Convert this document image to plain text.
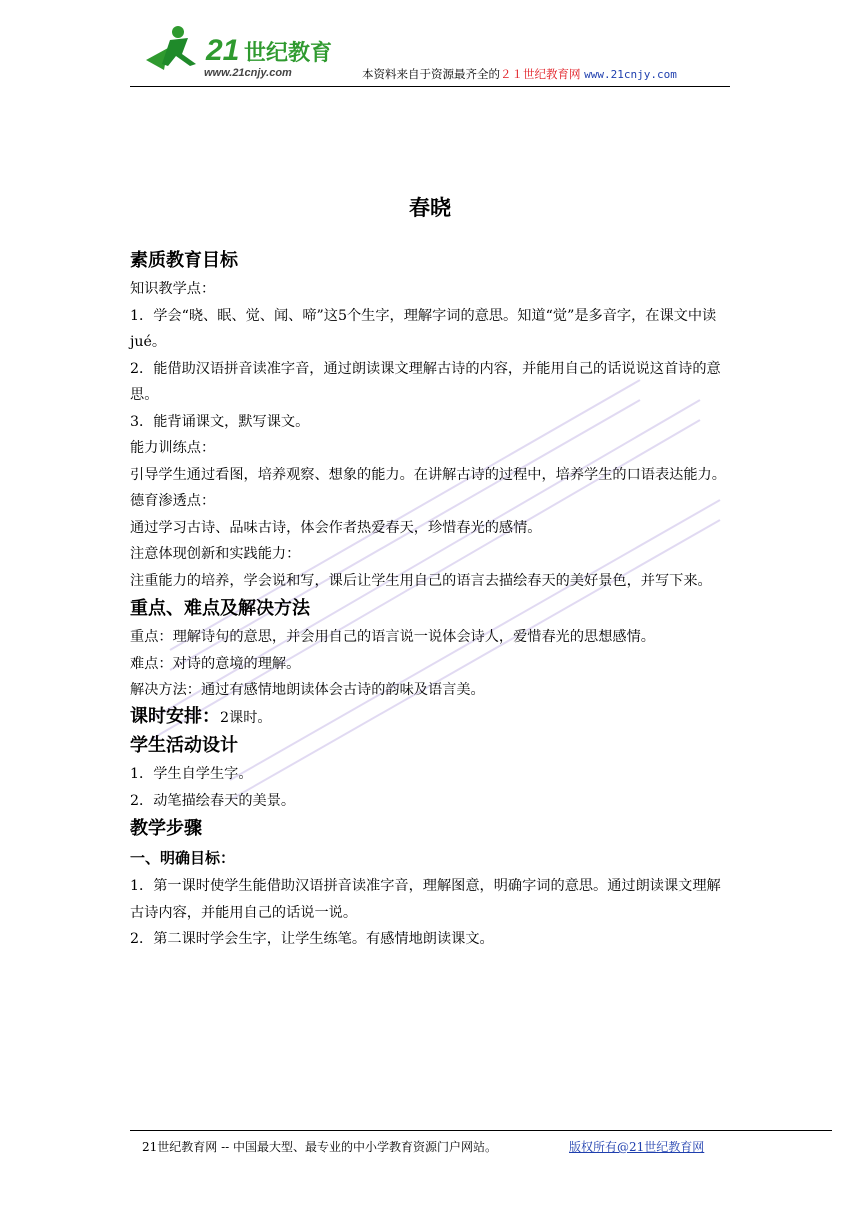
21 世纪教育
www.21cnjy.com	本资料来自于资源最齐全的２１世纪教育网 www.21cnjy.com
春晓
素质教育目标

知识教学点：

1．学会“晓、眠、觉、闻、啼”这5个生字，理解字词的意思。知道“觉”是多音字，在课文中读 jué。

2．能借助汉语拼音读准字音，通过朗读课文理解古诗的内容，并能用自己的话说说这首诗的意思。

3．能背诵课文，默写课文。

能力训练点：

引导学生通过看图，培养观察、想象的能力。在讲解古诗的过程中，培养学生的口语表达能力。

德育渗透点：

通过学习古诗、品味古诗，体会作者热爱春天，珍惜春光的感情。

注意体现创新和实践能力：

注重能力的培养，学会说和写，课后让学生用自己的语言去描绘春天的美好景色，并写下来。

重点、难点及解决方法

重点：理解诗句的意思，并会用自己的语言说一说体会诗人，爱惜春光的思想感情。

难点：对诗的意境的理解。

解决方法：通过有感情地朗读体会古诗的韵味及语言美。

课时安排：2课时。

学生活动设计

1．学生自学生字。

2．动笔描绘春天的美景。

教学步骤
一、明确目标：

1．第一课时使学生能借助汉语拼音读准字音，理解图意，明确字词的意思。通过朗读课文理解古诗内容，并能用自己的话说一说。

2．第二课时学会生字，让学生练笔。有感情地朗读课文。

21世纪教育网 -- 中国最大型、最专业的中小学教育资源门户网站。	版权所有@21世纪教育网
